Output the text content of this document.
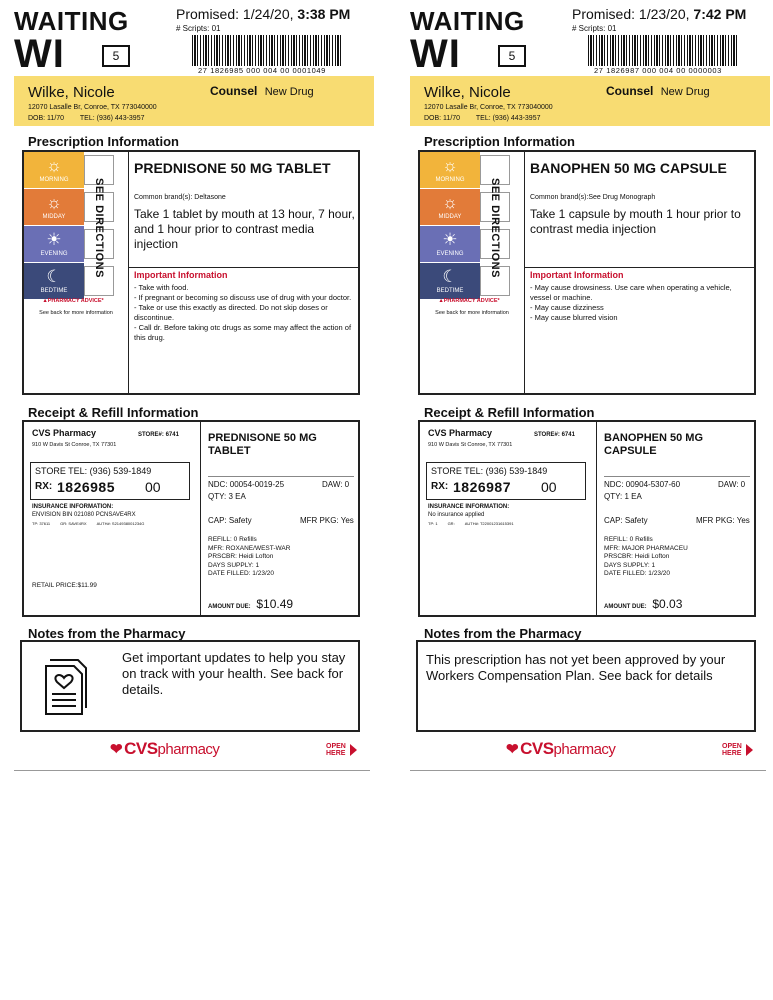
WAITING
WI	5
Promised: 1/24/20, 3:38 PM
# Scripts: 01
27 1826985 000 004 00 0001049
Wilke, Nicole
12070 Lasalle Br, Conroe, TX 773040000
DOB: 11/70 TEL: (936) 443-3957
Counsel New Drug
Prescription Information
☼
MORNING
☼
MIDDAY
☀
EVENING
☾
BEDTIME
SEE DIRECTIONS
▲PHARMACY ADVICE*
See back for more information
PREDNISONE 50 MG TABLET
Common brand(s): Deltasone
Take 1 tablet by mouth at 13 hour, 7 hour, and 1 hour prior to contrast media injection
Important Information
- Take with food.
- If pregnant or becoming so discuss use of drug with your doctor.
- Take or use this exactly as directed. Do not skip doses or discontinue.
- Call dr. Before taking otc drugs as some may affect the action of this drug.
Receipt & Refill Information
CVS Pharmacy	STORE#: 6741
910 W Davis St Conroe, TX 77301
STORE TEL: (936) 539-1849
RX: 1826985 00
INSURANCE INFORMATION:
ENVISION BIN 021080 PCNSAVE4RX
TP: 37611	GR: SAVE4RX	AUTH#: S214938001234G
RETAIL PRICE:$11.99
PREDNISONE 50 MG TABLET
NDC: 00054-0019-25	DAW: 0
QTY: 3 EA
CAP: Safety	MFR PKG: Yes
REFILL: 0 Refills
MFR: ROXANE/WEST-WAR
PRSCBR: Heidi Lofton
DAYS SUPPLY: 1
DATE FILLED: 1/23/20
AMOUNT DUE: $10.49
Notes from the Pharmacy
Get important updates to help you stay on track with your health. See back for details.
❤ CVSpharmacy	OPEN
HERE
WAITING
WI	5
Promised: 1/23/20, 7:42 PM
# Scripts: 01
27 1826987 000 004 00 0000003
Wilke, Nicole
12070 Lasalle Br, Conroe, TX 773040000
DOB: 11/70 TEL: (936) 443-3957
Counsel New Drug
Prescription Information
☼
MORNING
☼
MIDDAY
☀
EVENING
☾
BEDTIME
SEE DIRECTIONS
▲PHARMACY ADVICE*
See back for more information
BANOPHEN 50 MG CAPSULE
Common brand(s):See Drug Monograph
Take 1 capsule by mouth 1 hour prior to contrast media injection
Important Information
- May cause drowsiness. Use care when operating a vehicle, vessel or machine.
- May cause dizziness
- May cause blurred vision
Receipt & Refill Information
CVS Pharmacy	STORE#: 6741
910 W Davis St Conroe, TX 77301
STORE TEL: (936) 539-1849
RX: 1826987 00
INSURANCE INFORMATION:
No insurance applied
TP: 1	GR:	AUTH#: T22001231615391
BANOPHEN 50 MG CAPSULE
NDC: 00904-5307-60	DAW: 0
QTY: 1 EA
CAP: Safety	MFR PKG: Yes
REFILL: 0 Refills
MFR: MAJOR PHARMACEU
PRSCBR: Heidi Lofton
DAYS SUPPLY: 1
DATE FILLED: 1/23/20
AMOUNT DUE: $0.03
Notes from the Pharmacy
This prescription has not yet been approved by your Workers Compensation Plan. See back for details
❤ CVSpharmacy	OPEN
HERE
